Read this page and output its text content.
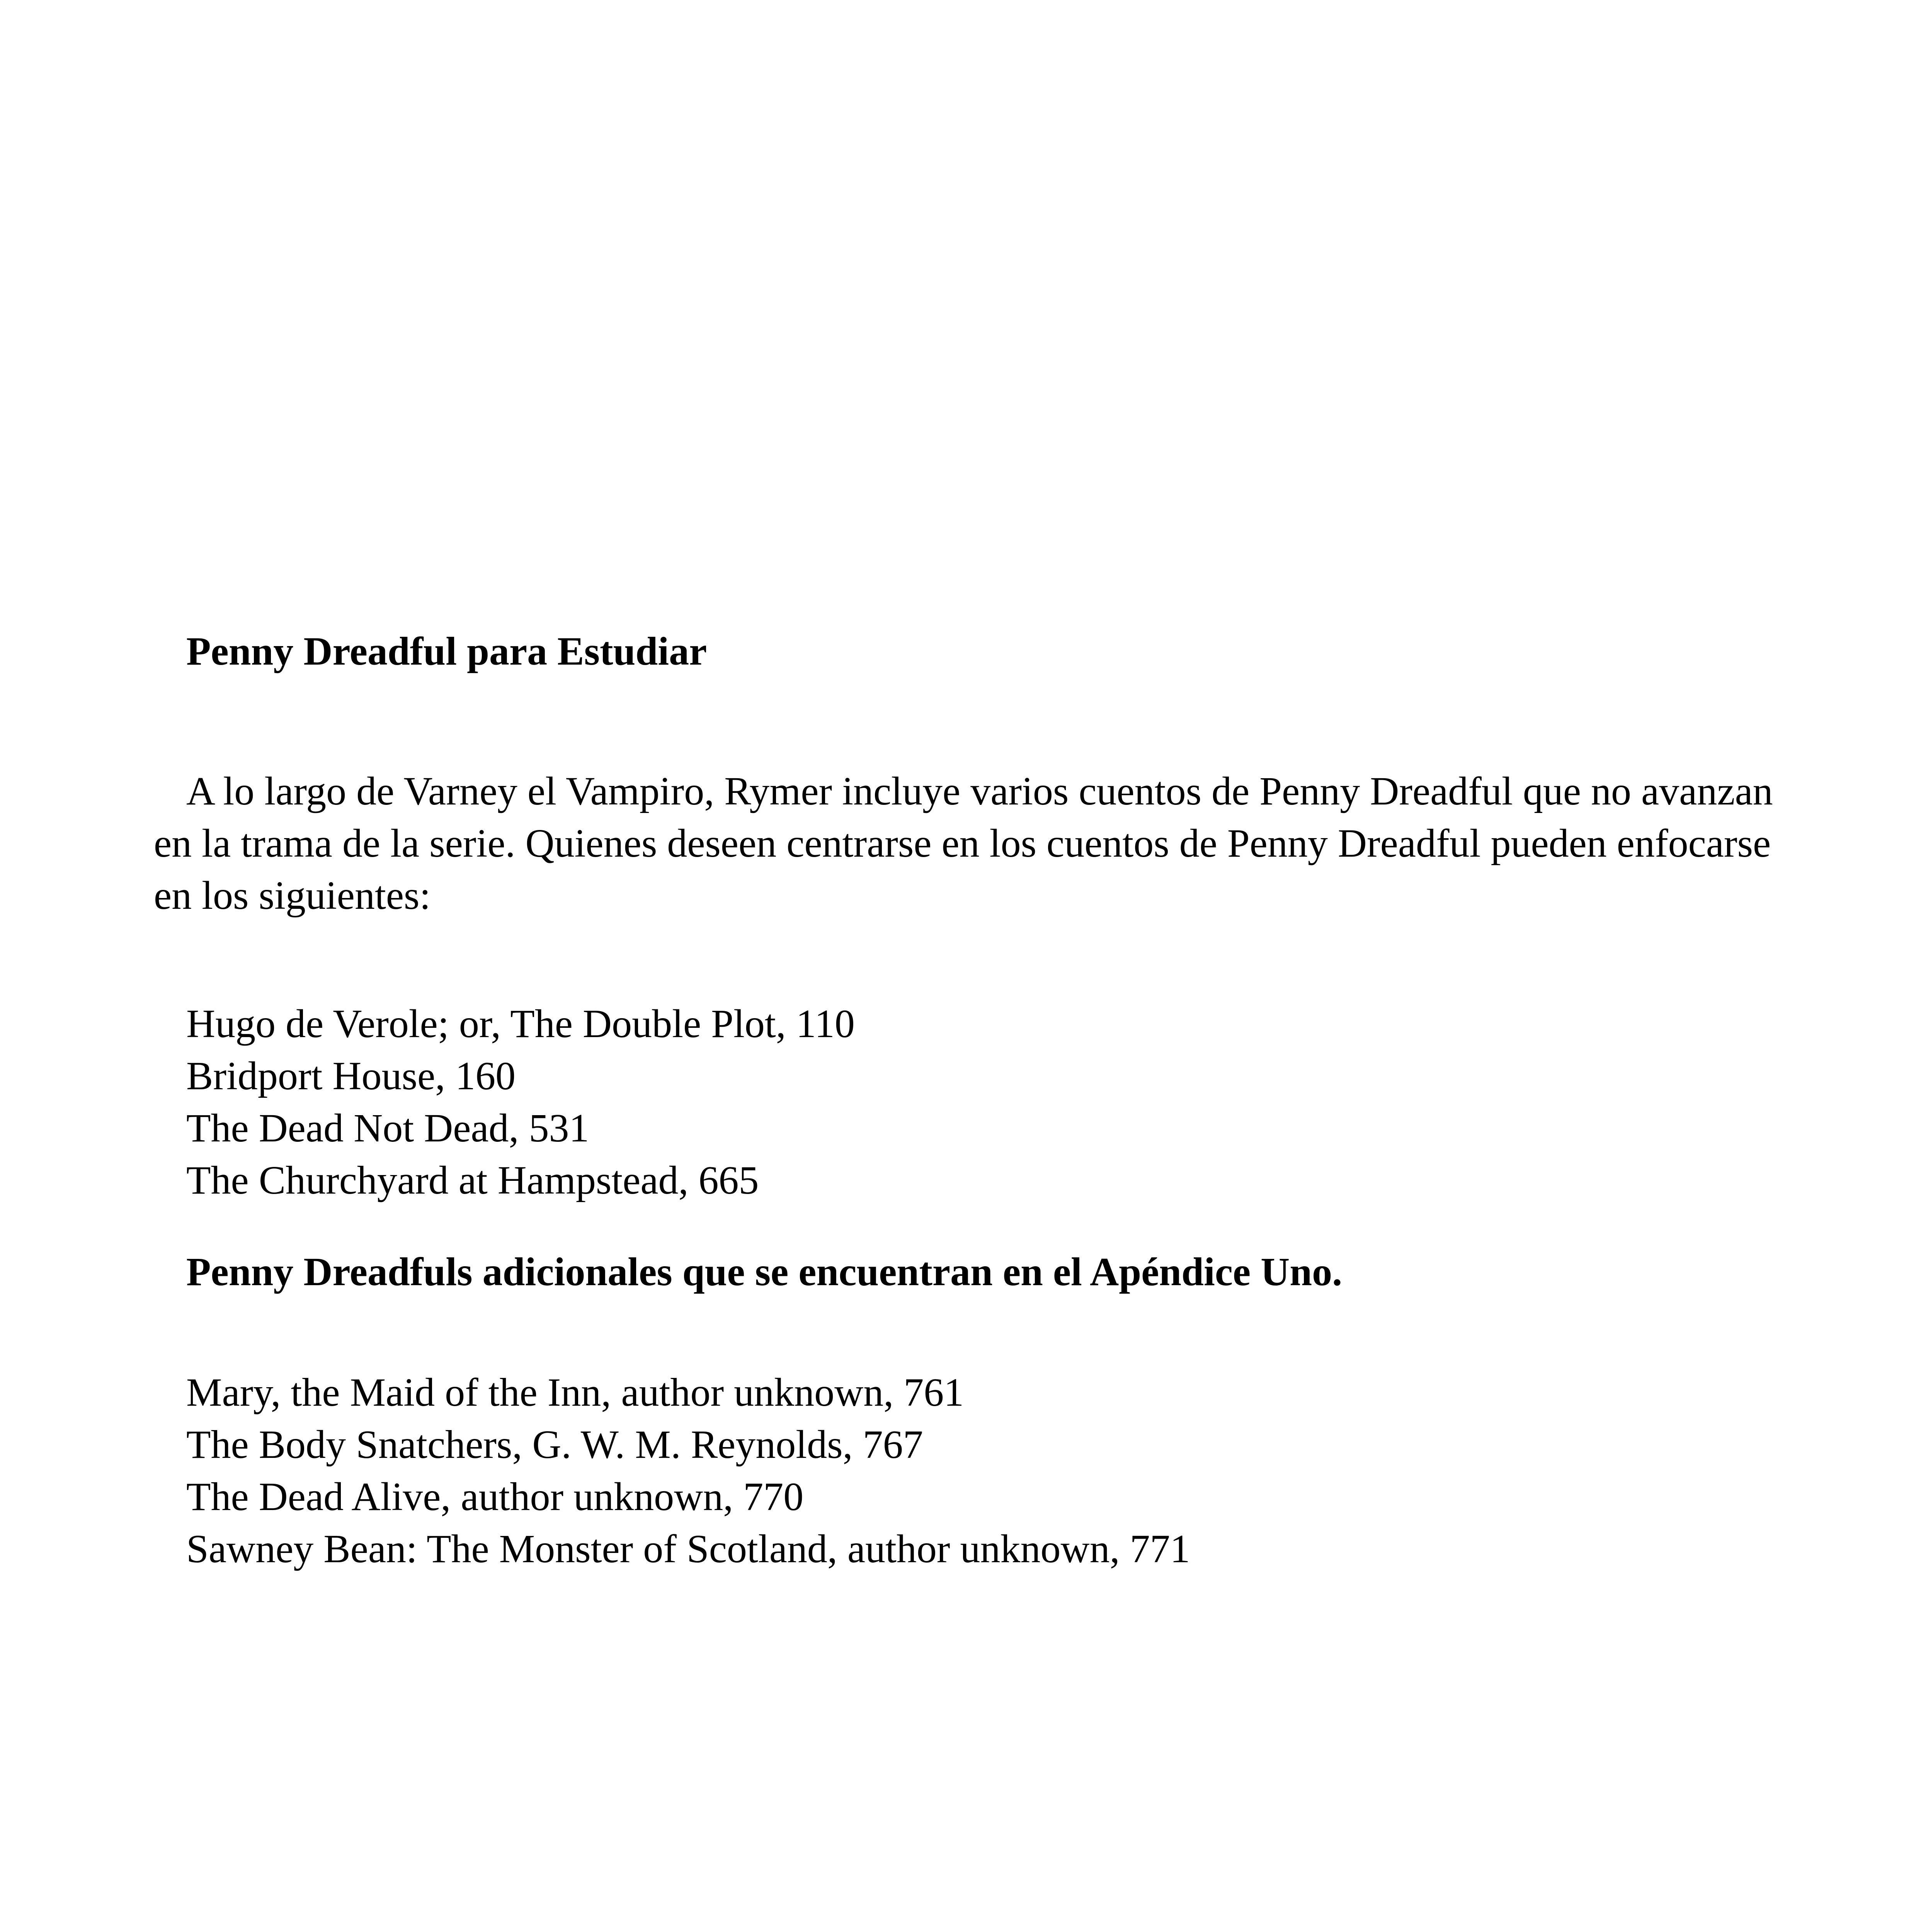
Penny Dreadful para Estudiar

A lo largo de Varney el Vampiro, Rymer incluye varios cuentos de Penny Dreadful que no avanzan en la trama de la serie. Quienes deseen centrarse en los cuentos de Penny Dreadful pueden enfocarse en los siguientes:

Hugo de Verole; or, The Double Plot, 110
Bridport House, 160
The Dead Not Dead, 531
The Churchyard at Hampstead, 665
Penny Dreadfuls adicionales que se encuentran en el Apéndice Uno.
Mary, the Maid of the Inn, author unknown, 761
The Body Snatchers, G. W. M. Reynolds, 767
The Dead Alive, author unknown, 770
Sawney Bean: The Monster of Scotland, author unknown, 771
